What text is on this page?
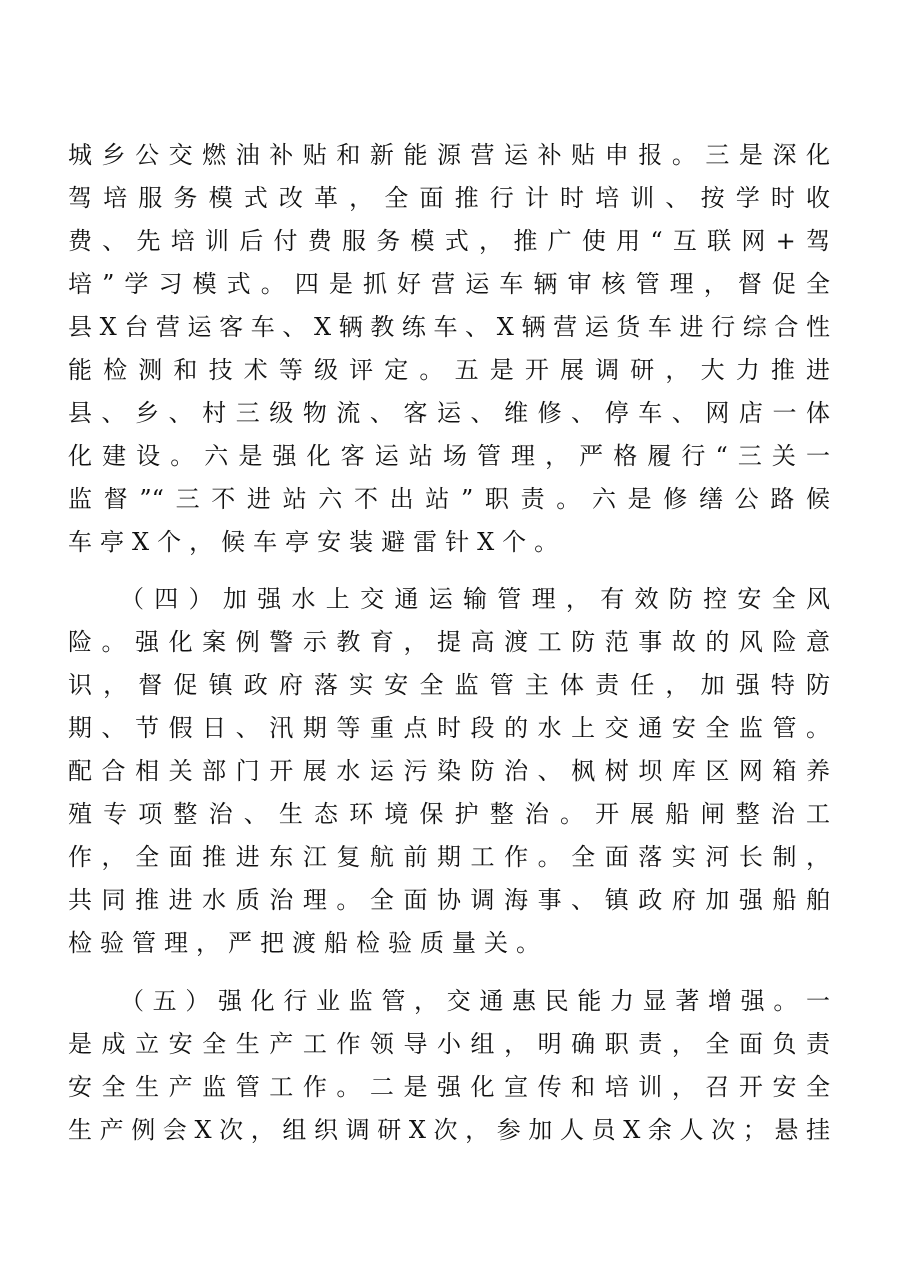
城乡公交燃油补贴和新能源营运补贴申报。三是深化

驾培服务模式改革，全面推行计时培训、按学时收

费、先培训后付费服务模式，推广使用“互联网+驾

培”学习模式。四是抓好营运车辆审核管理，督促全

县X台营运客车、X辆教练车、X辆营运货车进行综合性

能检测和技术等级评定。五是开展调研，大力推进

县、乡、村三级物流、客运、维修、停车、网店一体

化建设。六是强化客运站场管理，严格履行“三关一

监督”“三不进站六不出站”职责。六是修缮公路候

车亭X个，候车亭安装避雷针X个。

（四）加强水上交通运输管理，有效防控安全风

险。强化案例警示教育，提高渡工防范事故的风险意

识，督促镇政府落实安全监管主体责任，加强特防

期、节假日、汛期等重点时段的水上交通安全监管。

配合相关部门开展水运污染防治、枫树坝库区网箱养

殖专项整治、生态环境保护整治。开展船闸整治工

作，全面推进东江复航前期工作。全面落实河长制，

共同推进水质治理。全面协调海事、镇政府加强船舶

检验管理，严把渡船检验质量关。

（五）强化行业监管，交通惠民能力显著增强。一

是成立安全生产工作领导小组，明确职责，全面负责

安全生产监管工作。二是强化宣传和培训，召开安全

生产例会X次，组织调研X次，参加人员X余人次；悬挂
